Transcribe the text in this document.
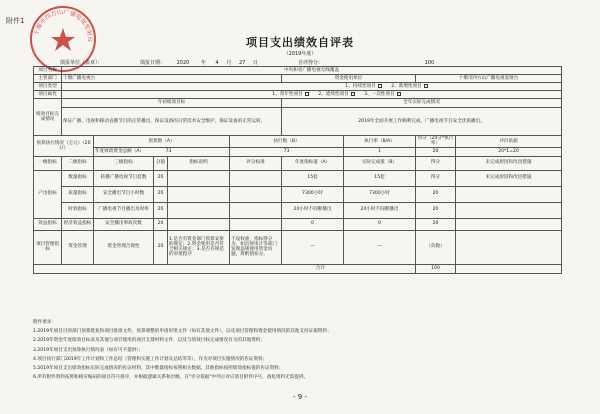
附件1
十堰市四方山广播电视发射台	项目支出绩效自评表
（2019年度）
填报单位（盖章）：	填报日期： 2020 年 4 月 27 日	自评得分：	100
项目名称	中央和省广播电视无线覆盖								
主管部门	十堰广播电视台					资金使用单位		十堰市四方山广播电视发射台	
项目类型	1、持续性项目 2、新增性项目								
项目属性	1、常年性项目 2、延续性项目 3、一次性项目								
绩效目标完成情况	年初绩效目标					全年实际完成情况			
	保证广播、电视和移动直播节目的正常播出，保证设备的日常技术安全维护，保证设备的正常运转。					2019年全面开展工作顺利完成，广播电视节目安全优质播出。			
预算执行情况（万元）（20分）		预算数（A）			执行数（B）		执行率（B/A）	得分（20分*执行率）	评价依据
		年度财政资金总额（A） 73			73		1	20	20*1=20
一级指标	二级指标	三级指标	分值	指标说明	评分标准	年度指标值（A）	实际完成值（B）	得分	未完成原因和改进措施
产出指标	数量指标	转播广播电视节目套数	20			15套	15套	得分	未完成原因和改进措施
	质量指标	安全播出节目小时数	20			7300小时	7300小时	20	
	时效指标	广播电视节目播出及时率	20			24小时不间断播出	24小时不间断播出	20	
效益指标	经济效益指标	安全播出事故次数	20			0	0	20	
项目管理指标	资金管理	资金管理合规性	20	1.是否有资金部门预算安排的规定；2.资金使用是否符合相关规定；3.是否有规范的审批程序	不设权重，指标得分为，如出现审计等部门发现违规使用资金问题，将酌情扣分。	—	—	（负数）	
合计								100	
附件要求：
1.2019年项目目的部门预算批复和项目批准文件，预算调整的申请审批文件（如有其他文件），以及项目管理和资金使用情况的其他支持证据资料；
2.2019年资金年度绩效目标表及其他与项目使用的项目支撑材料文件，以及与绩效目标完成情况有关的其他资料；
3.2019年项目支出预算执行情况表（如有可不提供）；
4.项目执行部门2019年工作计划和工作总结（管理和实施工作计划及总结等等），作为对项目实施情况的佐证资料；
5.2019年项目支出绩效指标实际完成情况的佐证材料，其中数量指标按照相关数据，其他指标按照绩效指标值的佐证资料；
6.所有附件资料按照和相应编码的项目符号排序，并根据逻辑关系和层级，在"评分依据"中列示对应项目附件序号，备复资料无需提供。
- 9 -
